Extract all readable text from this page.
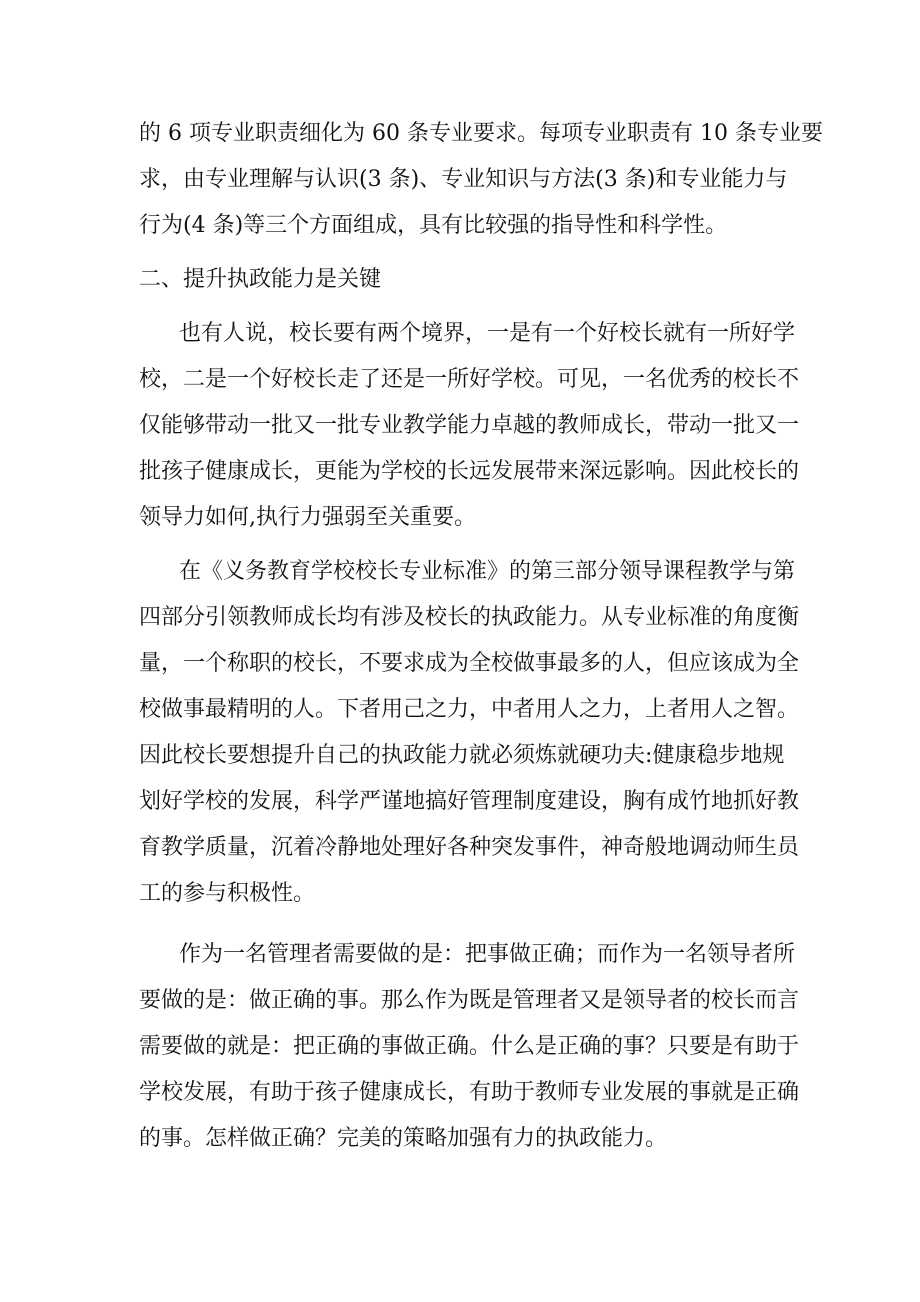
的 6 项专业职责细化为 60 条专业要求。每项专业职责有 10 条专业要
求，由专业理解与认识(3 条)、专业知识与方法(3 条)和专业能力与
行为(4 条)等三个方面组成，具有比较强的指导性和科学性。
二、提升执政能力是关键
也有人说，校长要有两个境界，一是有一个好校长就有一所好学
校，二是一个好校长走了还是一所好学校。可见，一名优秀的校长不
仅能够带动一批又一批专业教学能力卓越的教师成长，带动一批又一
批孩子健康成长，更能为学校的长远发展带来深远影响。因此校长的
领导力如何,执行力强弱至关重要。
在《义务教育学校校长专业标准》的第三部分领导课程教学与第
四部分引领教师成长均有涉及校长的执政能力。从专业标准的角度衡
量，一个称职的校长，不要求成为全校做事最多的人，但应该成为全
校做事最精明的人。下者用己之力，中者用人之力，上者用人之智。
因此校长要想提升自己的执政能力就必须炼就硬功夫:健康稳步地规
划好学校的发展，科学严谨地搞好管理制度建设，胸有成竹地抓好教
育教学质量，沉着冷静地处理好各种突发事件，神奇般地调动师生员
工的参与积极性。
作为一名管理者需要做的是：把事做正确；而作为一名领导者所
要做的是：做正确的事。那么作为既是管理者又是领导者的校长而言
需要做的就是：把正确的事做正确。什么是正确的事？只要是有助于
学校发展，有助于孩子健康成长，有助于教师专业发展的事就是正确
的事。怎样做正确？完美的策略加强有力的执政能力。
